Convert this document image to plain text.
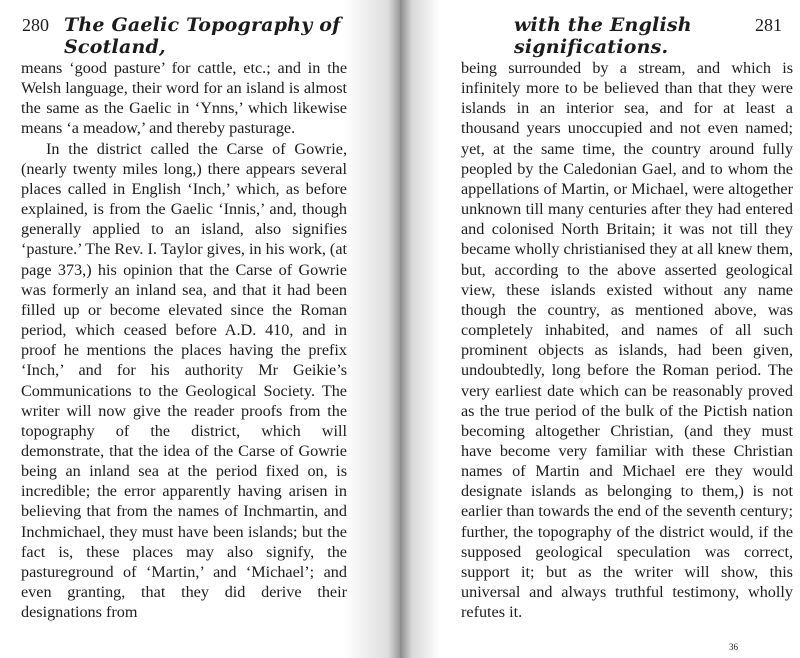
280 The Gaelic Topography of Scotland,

means ‘good pasture’ for cattle, etc.; and in the Welsh language, their word for an island is almost the same as the Gaelic in ‘Ynns,’ which likewise means ‘a meadow,’ and thereby pasturage.

In the district called the Carse of Gowrie, (nearly twenty miles long,) there appears several places called in English ‘Inch,’ which, as before explained, is from the Gaelic ‘Innis,’ and, though generally applied to an island, also signifies ‘pasture.’ The Rev. I. Taylor gives, in his work, (at page 373,) his opinion that the Carse of Gowrie was formerly an inland sea, and that it had been filled up or become elevated since the Roman period, which ceased before A.D. 410, and in proof he mentions the places having the prefix ‘Inch,’ and for his authority Mr Geikie’s Communications to the Geological Society. The writer will now give the reader proofs from the topography of the district, which will demonstrate, that the idea of the Carse of Gowrie being an inland sea at the period fixed on, is incredible; the error apparently having arisen in believing that from the names of Inchmartin, and Inchmichael, they must have been islands; but the fact is, these places may also signify, the pastureground of ‘Martin,’ and ‘Michael’; and even granting, that they did derive their designations from

with the English significations.
281

being surrounded by a stream, and which is infinitely more to be believed than that they were islands in an interior sea, and for at least a thousand years unoccupied and not even named; yet, at the same time, the country around fully peopled by the Caledonian Gael, and to whom the appellations of Martin, or Michael, were altogether unknown till many centuries after they had entered and colonised North Britain; it was not till they became wholly christianised they at all knew them, but, according to the above asserted geological view, these islands existed without any name though the country, as mentioned above, was completely inhabited, and names of all such prominent objects as islands, had been given, undoubtedly, long before the Roman period. The very earliest date which can be reasonably proved as the true period of the bulk of the Pictish nation becoming altogether Christian, (and they must have become very familiar with these Christian names of Martin and Michael ere they would designate islands as belonging to them,) is not earlier than towards the end of the seventh century; further, the topography of the district would, if the supposed geological speculation was correct, support it; but as the writer will show, this universal and always truthful testimony, wholly refutes it.

36
